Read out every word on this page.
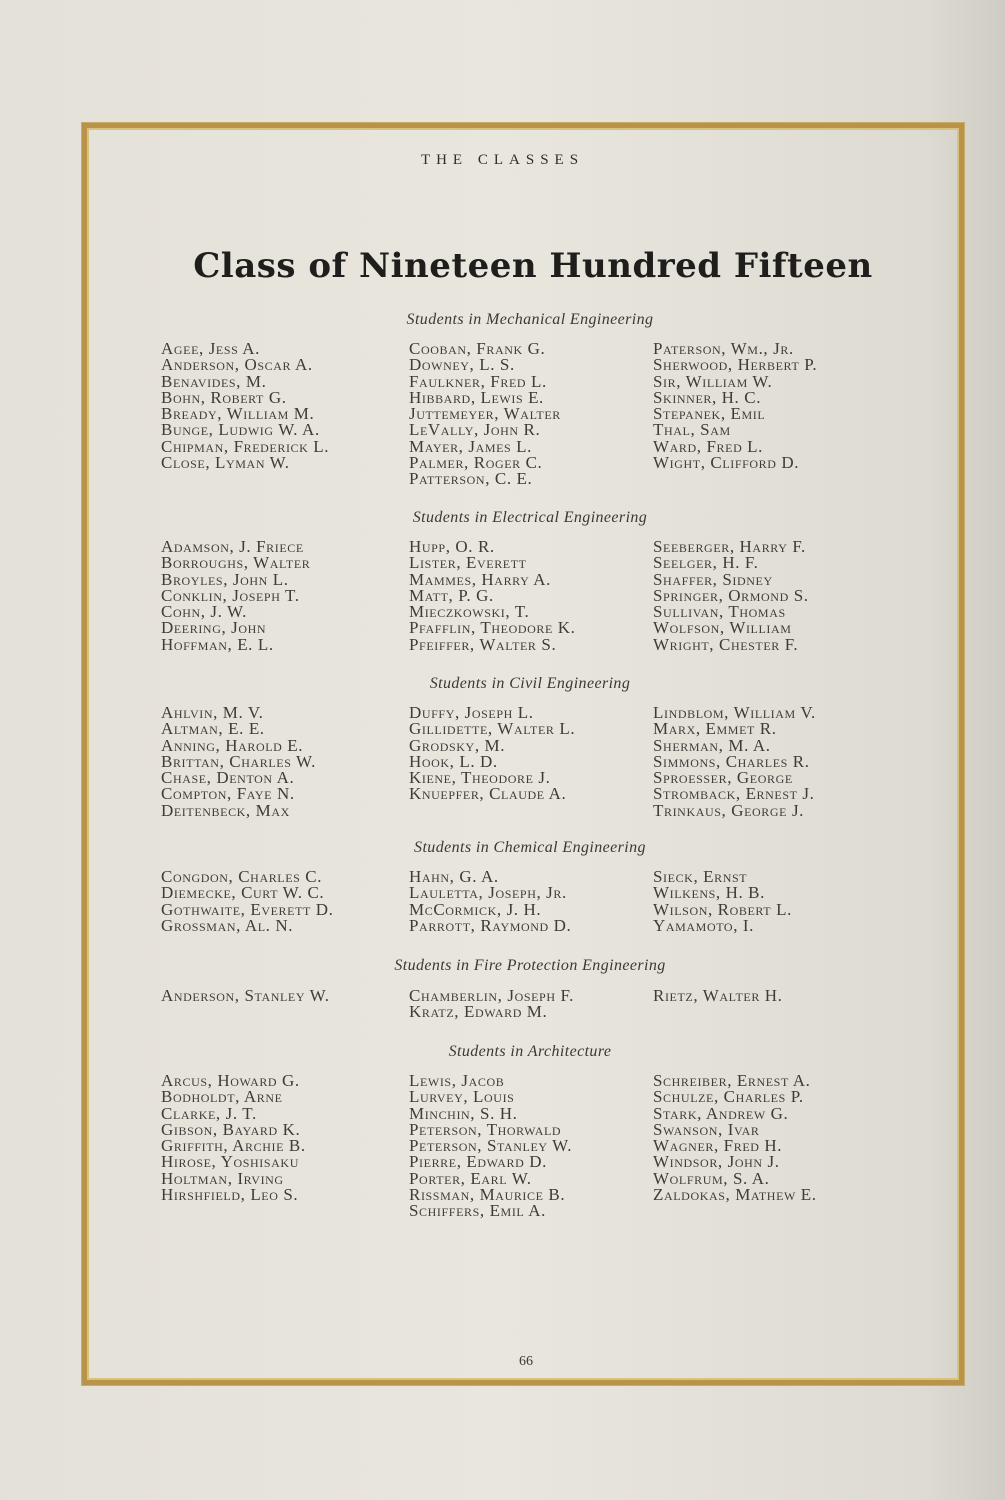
THE CLASSES
Class of Nineteen Hundred Fifteen
Students in Mechanical Engineering
Agee, Jess A.
Anderson, Oscar A.
Benavides, M.
Bohn, Robert G.
Bready, William M.
Bunge, Ludwig W. A.
Chipman, Frederick L.
Close, Lyman W.
Cooban, Frank G.
Downey, L. S.
Faulkner, Fred L.
Hibbard, Lewis E.
Juttemeyer, Walter
LeVally, John R.
Mayer, James L.
Palmer, Roger C.
Patterson, C. E.
Paterson, Wm., Jr.
Sherwood, Herbert P.
Sir, William W.
Skinner, H. C.
Stepanek, Emil
Thal, Sam
Ward, Fred L.
Wight, Clifford D.
Students in Electrical Engineering
Adamson, J. Friece
Borroughs, Walter
Broyles, John L.
Conklin, Joseph T.
Cohn, J. W.
Deering, John
Hoffman, E. L.
Hupp, O. R.
Lister, Everett
Mammes, Harry A.
Matt, P. G.
Mieczkowski, T.
Pfafflin, Theodore K.
Pfeiffer, Walter S.
Seeberger, Harry F.
Seelger, H. F.
Shaffer, Sidney
Springer, Ormond S.
Sullivan, Thomas
Wolfson, William
Wright, Chester F.
Students in Civil Engineering
Ahlvin, M. V.
Altman, E. E.
Anning, Harold E.
Brittan, Charles W.
Chase, Denton A.
Compton, Faye N.
Deitenbeck, Max
Duffy, Joseph L.
Gillidette, Walter L.
Grodsky, M.
Hook, L. D.
Kiene, Theodore J.
Knuepfer, Claude A.
Lindblom, William V.
Marx, Emmet R.
Sherman, M. A.
Simmons, Charles R.
Sproesser, George
Stromback, Ernest J.
Trinkaus, George J.
Students in Chemical Engineering
Congdon, Charles C.
Diemecke, Curt W. C.
Gothwaite, Everett D.
Grossman, Al. N.
Hahn, G. A.
Lauletta, Joseph, Jr.
McCormick, J. H.
Parrott, Raymond D.
Sieck, Ernst
Wilkens, H. B.
Wilson, Robert L.
Yamamoto, I.
Students in Fire Protection Engineering
Anderson, Stanley W.	Chamberlin, Joseph F.
Kratz, Edward M.
Rietz, Walter H.
Students in Architecture
Arcus, Howard G.
Bodholdt, Arne
Clarke, J. T.
Gibson, Bayard K.
Griffith, Archie B.
Hirose, Yoshisaku
Holtman, Irving
Hirshfield, Leo S.
Lewis, Jacob
Lurvey, Louis
Minchin, S. H.
Peterson, Thorwald
Peterson, Stanley W.
Pierre, Edward D.
Porter, Earl W.
Rissman, Maurice B.
Schiffers, Emil A.
Schreiber, Ernest A.
Schulze, Charles P.
Stark, Andrew G.
Swanson, Ivar
Wagner, Fred H.
Windsor, John J.
Wolfrum, S. A.
Zaldokas, Mathew E.
66
